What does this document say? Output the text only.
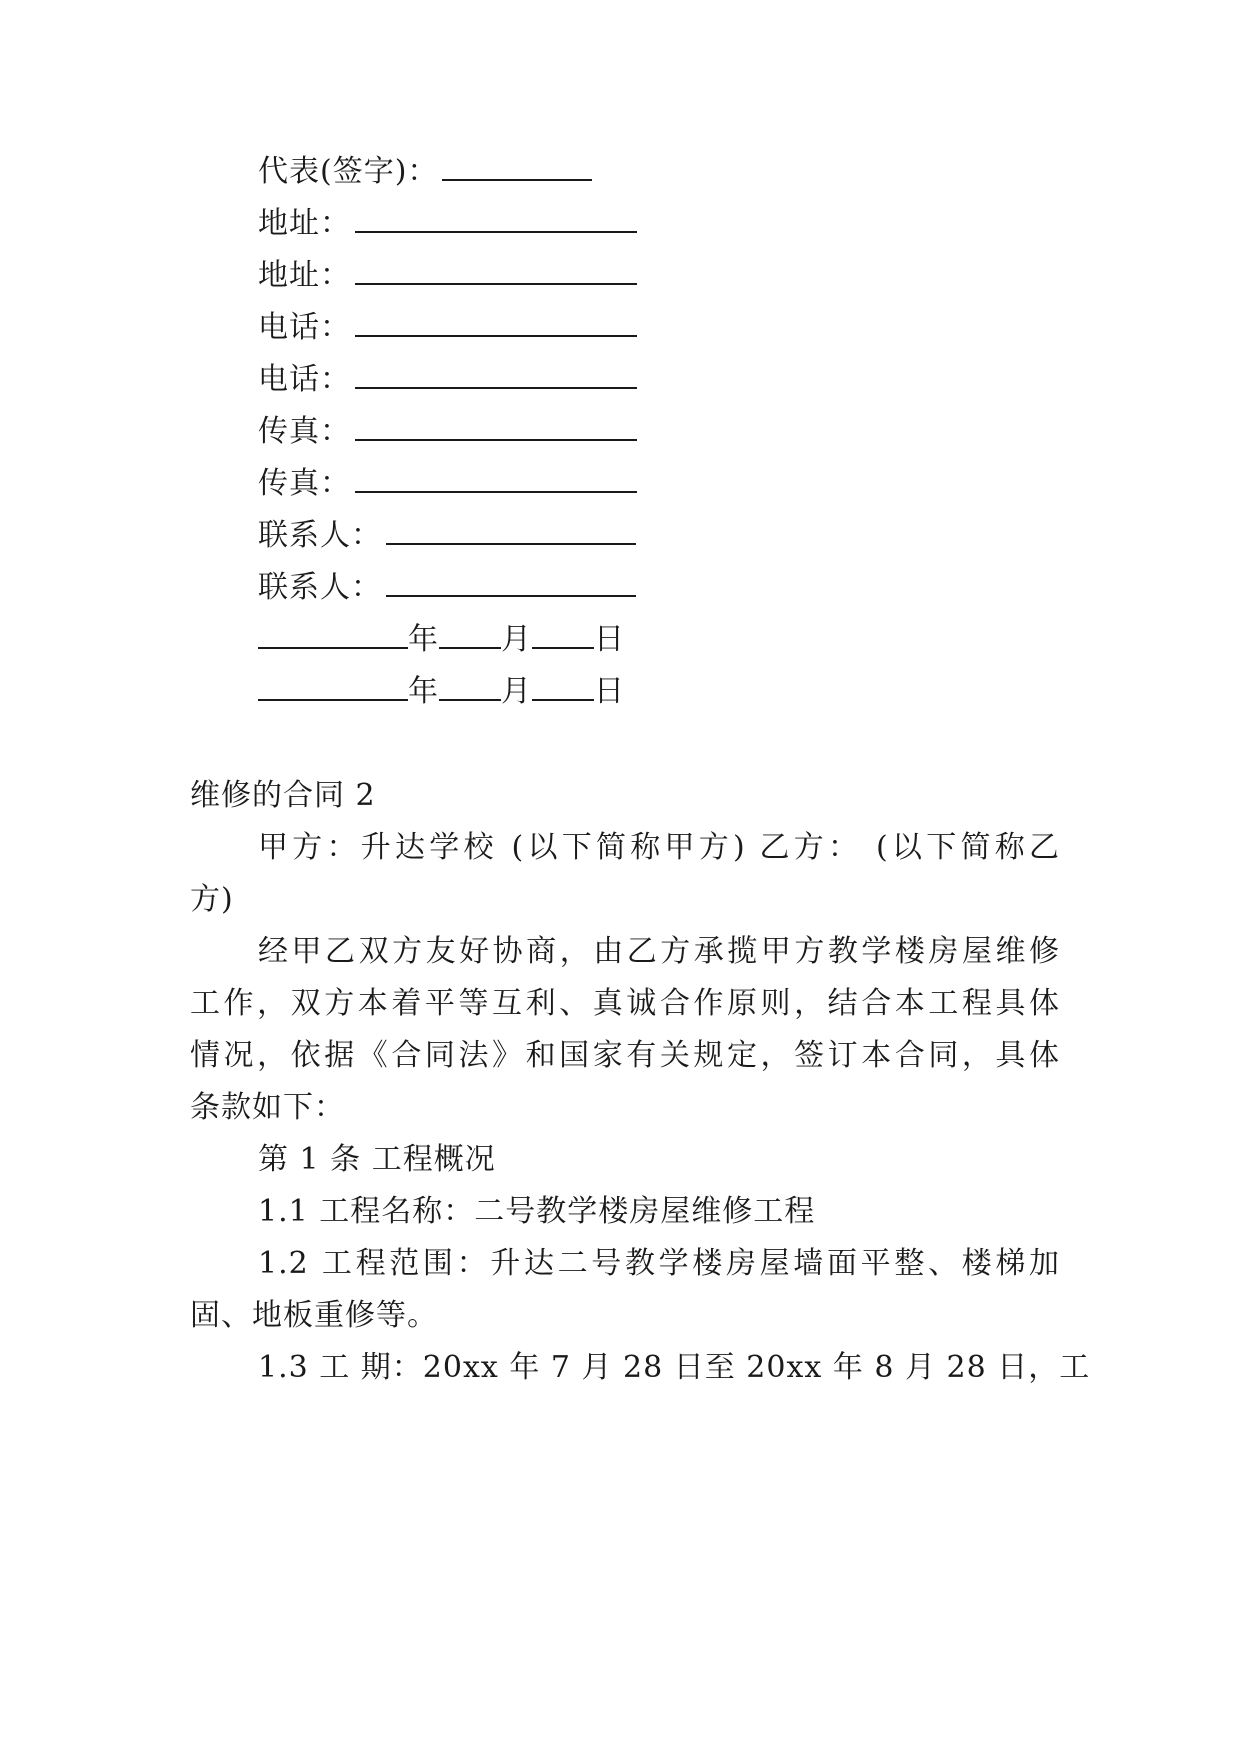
代表(签字)：
地址：
地址：
电话：
电话：
传真：
传真：
联系人：
联系人：
年 月 日
年 月 日
维修的合同 2
甲方：升达学校 (以下简称甲方) 乙方： (以下简称乙
方)
经甲乙双方友好协商，由乙方承揽甲方教学楼房屋维修
工作，双方本着平等互利、真诚合作原则，结合本工程具体
情况，依据《合同法》和国家有关规定，签订本合同，具体
条款如下：
第 1 条 工程概况
1.1 工程名称：二号教学楼房屋维修工程
1.2 工程范围：升达二号教学楼房屋墙面平整、楼梯加
固、地板重修等。
1.3 工 期：20xx 年 7 月 28 日至 20xx 年 8 月 28 日，工
